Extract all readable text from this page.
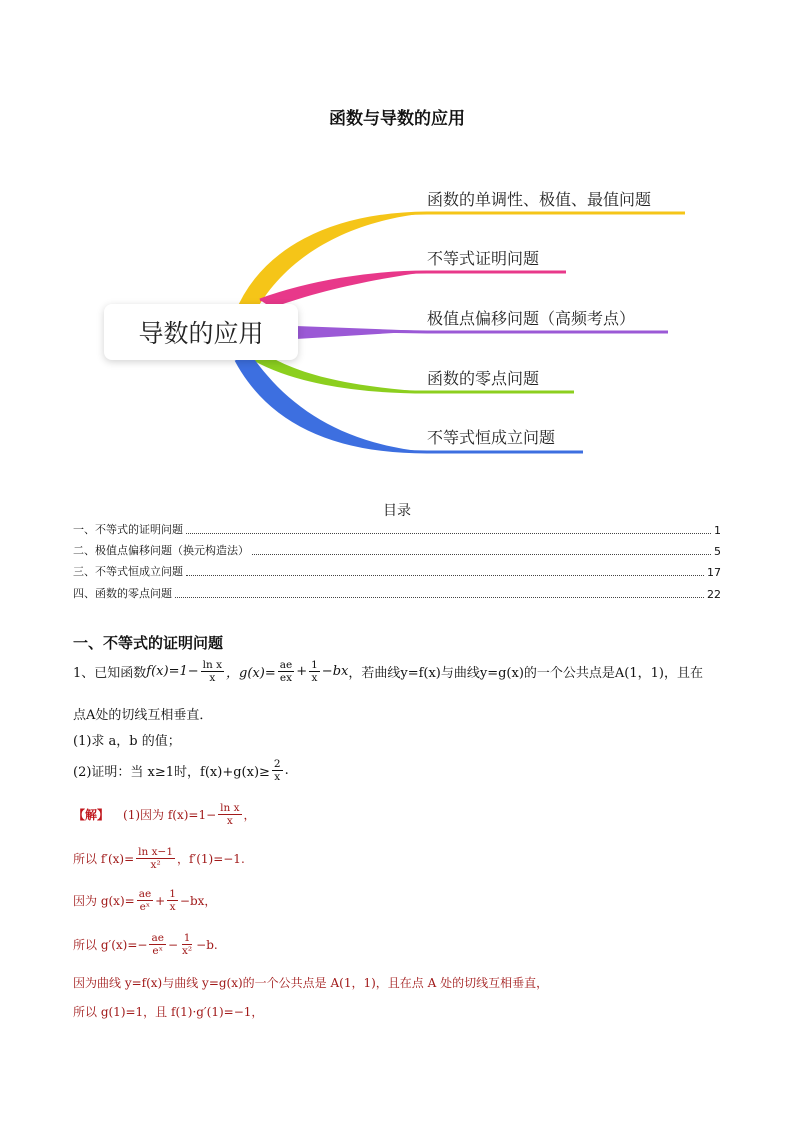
函数与导数的应用
导数的应用
函数的单调性、极值、最值问题
不等式证明问题
极值点偏移问题（高频考点）
函数的零点问题
不等式恒成立问题
目录
一、不等式的证明问题	1
二、极值点偏移问题（换元构造法）	5
三、不等式恒成立问题	17
四、函数的零点问题	22
一、不等式的证明问题
1、已知函数 $f(x)=1- \frac{\text{ln x}}{x}$ ，$g(x)= \frac{ae}{ex} + \frac{1}{x} -bx$ ，若曲线y=f(x)与曲线y=g(x)的一个公共点是A(1，1)，且在
点A处的切线互相垂直．
(1)求 a，b 的值；
(2)证明：当 x≥1时，$f(x)+g(x)\ge \frac{2}{x}$ .
【解】 (1)因为 $f(x)=1- \frac{\text{ln x}}{x}$ ，
所以 $f'(x)= \frac{\text{ln x−1}}{\text{x²}}$ ，f′(1)=−1.
因为 $g(x)= \frac{ae}{\text{eˣ}} + \frac{1}{x} -bx$，
所以 $g'(x)=- \frac{ae}{\text{eˣ}} - \frac{1}{\text{x²}} -b$.
因为曲线 y=f(x)与曲线 y=g(x)的一个公共点是 A(1，1)，且在点 A 处的切线互相垂直，
所以 g(1)=1，且 f(1)·g′(1)=−1，
